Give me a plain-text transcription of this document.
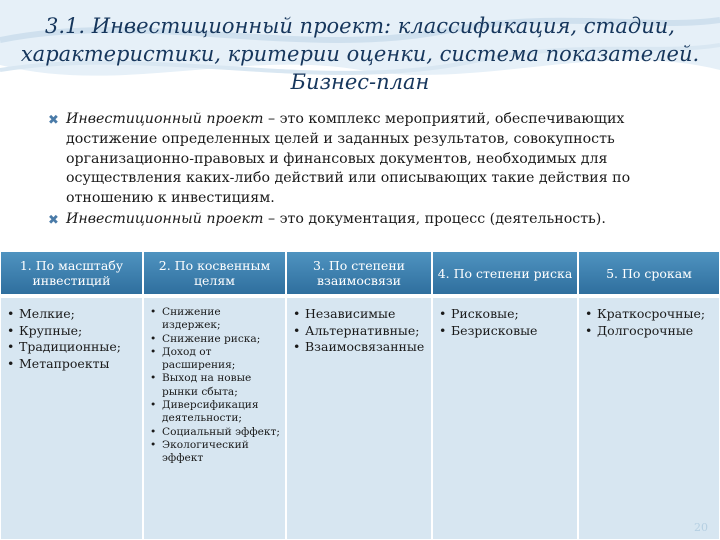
3.1. Инвестиционный проект: классификация, стадии, характеристики, критерии оценки, система показателей. Бизнес-план
✖ Инвестиционный проект – это комплекс мероприятий, обеспечивающих достижение определенных целей и заданных результатов, совокупность организационно-правовых и финансовых документов, необходимых для осуществления каких-либо действий или описывающих такие действия по отношению к инвестициям.
✖ Инвестиционный проект – это документация, процесс (деятельность).
1. По масштабу инвестиций
• Мелкие;
• Крупные;
• Традиционные;
• Метапроекты
2. По косвенным целям
• Снижение издержек;
• Снижение риска;
• Доход от расширения;
• Выход на новые рынки сбыта;
• Диверсификация деятельности;
• Социальный эффект;
• Экологический эффект
3. По степени взаимосвязи
• Независимые
• Альтернативные;
• Взаимосвязанные
4. По степени риска
• Рисковые;
• Безрисковые
5. По срокам
• Краткосрочные;
• Долгосрочные
20
